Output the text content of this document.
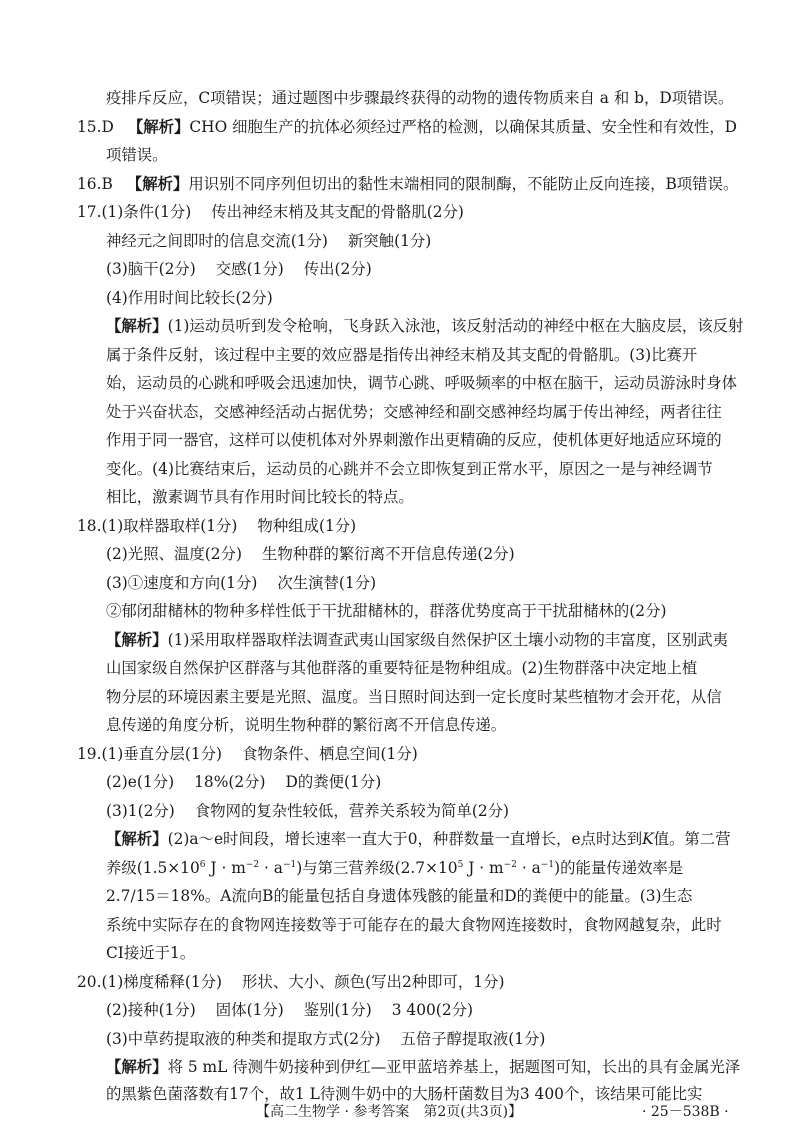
疫排斥反应，C项错误；通过题图中步骤最终获得的动物的遗传物质来自 a 和 b，D项错误。
15.D 【解析】CHO 细胞生产的抗体必须经过严格的检测，以确保其质量、安全性和有效性，D
项错误。
16.B 【解析】用识别不同序列但切出的黏性末端相同的限制酶，不能防止反向连接，B项错误。
17.(1)条件(1分) 传出神经末梢及其支配的骨骼肌(2分)
神经元之间即时的信息交流(1分) 新突触(1分)
(3)脑干(2分) 交感(1分) 传出(2分)
(4)作用时间比较长(2分)
【解析】(1)运动员听到发令枪响，飞身跃入泳池，该反射活动的神经中枢在大脑皮层，该反射
属于条件反射，该过程中主要的效应器是指传出神经末梢及其支配的骨骼肌。(3)比赛开
始，运动员的心跳和呼吸会迅速加快，调节心跳、呼吸频率的中枢在脑干，运动员游泳时身体
处于兴奋状态，交感神经活动占据优势；交感神经和副交感神经均属于传出神经，两者往往
作用于同一器官，这样可以使机体对外界刺激作出更精确的反应，使机体更好地适应环境的
变化。(4)比赛结束后，运动员的心跳并不会立即恢复到正常水平，原因之一是与神经调节
相比，激素调节具有作用时间比较长的特点。
18.(1)取样器取样(1分) 物种组成(1分)
(2)光照、温度(2分) 生物种群的繁衍离不开信息传递(2分)
(3)①速度和方向(1分) 次生演替(1分)
②郁闭甜槠林的物种多样性低于干扰甜槠林的，群落优势度高于干扰甜槠林的(2分)
【解析】(1)采用取样器取样法调查武夷山国家级自然保护区土壤小动物的丰富度，区别武夷
山国家级自然保护区群落与其他群落的重要特征是物种组成。(2)生物群落中决定地上植
物分层的环境因素主要是光照、温度。当日照时间达到一定长度时某些植物才会开花，从信
息传递的角度分析，说明生物种群的繁衍离不开信息传递。
19.(1)垂直分层(1分) 食物条件、栖息空间(1分)
(2)e(1分) 18%(2分) D的粪便(1分)
(3)1(2分) 食物网的复杂性较低，营养关系较为简单(2分)
【解析】(2)a～e时间段，增长速率一直大于0，种群数量一直增长，e点时达到K值。第二营
养级($1.5\times 10^6$ $J \cdot m^{-2} \cdot a^{-1}$)与第三营养级($2.7\times 10^5$ $J \cdot m^{-2} \cdot a^{-1}$)的能量传递效率是
2.7/15＝18%。A流向B的能量包括自身遗体残骸的能量和D的粪便中的能量。(3)生态
系统中实际存在的食物网连接数等于可能存在的最大食物网连接数时，食物网越复杂，此时
CI接近于1。
20.(1)梯度稀释(1分) 形状、大小、颜色(写出2种即可，1分)
(2)接种(1分) 固体(1分) 鉴别(1分) 3 400(2分)
(3)中草药提取液的种类和提取方式(2分) 五倍子醇提取液(1分)
【解析】将 5 mL 待测牛奶接种到伊红—亚甲蓝培养基上，据题图可知，长出的具有金属光泽
的黑紫色菌落数有17个，故1 L待测牛奶中的大肠杆菌数目为3 400个，该结果可能比实
【高二生物学 · 参考答案　第2页(共3页)】	· 25－538B ·
